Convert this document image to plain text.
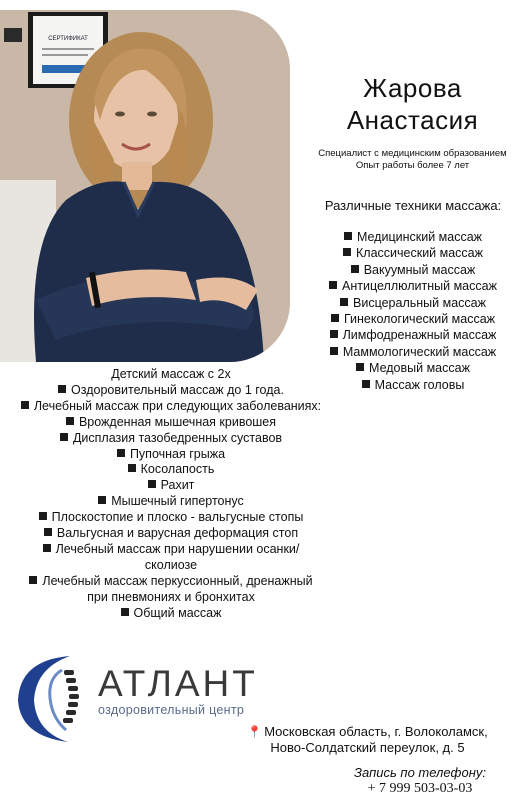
СЕРТИФИКАТ
Жарова
Анастасия
Специалист с медицинским образованием
Опыт работы более 7 лет
Различные техники массажа:
Медицинский массаж
Классический массаж
Вакуумный массаж
Антицеллюлитный массаж
Висцеральный массаж
Гинекологический массаж
Лимфодренажный массаж
Маммологический массаж
Медовый массаж
Массаж головы
Детский массаж с 2х
Оздоровительный массаж до 1 года.
Лечебный массаж при следующих заболеваниях:
Врожденная мышечная кривошея
Дисплазия тазобедренных суставов
Пупочная грыжа
Косолапость
Рахит
Мышечный гипертонус
Плоскостопие и плоско - вальгусные стопы
Вальгусная и варусная деформация стоп
Лечебный массаж при нарушении осанки/
сколиозе
Лечебный массаж перкуссионный, дренажный
при пневмониях и бронхитах
Общий массаж
АТЛАНТ
оздоровительный центр
📍 Московская область, г. Волоколамск,
Ново-Солдатский переулок, д. 5
Запись по телефону:
+ 7 999 503-03-03
